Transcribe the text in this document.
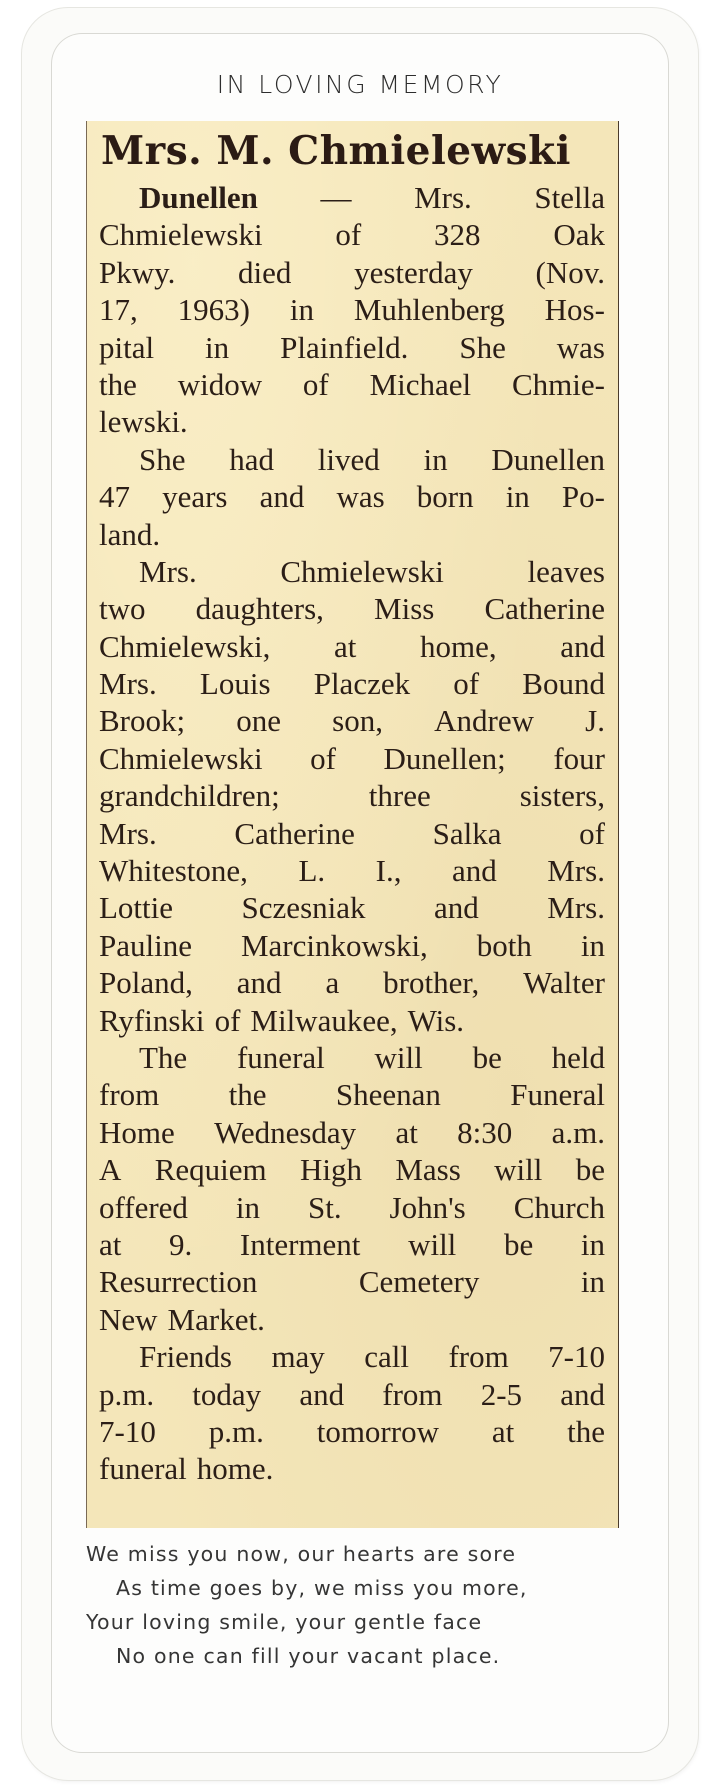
IN LOVING MEMORY
Mrs. M. Chmielewski
Dunellen — Mrs. Stella
Chmielewski of 328 Oak
Pkwy. died yesterday (Nov.
17, 1963) in Muhlenberg Hos-
pital in Plainfield. She was
the widow of Michael Chmie-
lewski.
She had lived in Dunellen
47 years and was born in Po-
land.
Mrs.	Chmielewski	leaves
two daughters, Miss Catherine
Chmielewski, at home, and
Mrs. Louis Placzek of Bound
Brook; one son, Andrew J.
Chmielewski of Dunellen; four
grandchildren;	three	sisters,
Mrs.	Catherine	Salka	of
Whitestone, L. I., and Mrs.
Lottie Sczesniak and Mrs.
Pauline Marcinkowski, both in
Poland, and a brother, Walter
Ryfinski of Milwaukee, Wis.
The funeral will be held
from the Sheenan Funeral
Home Wednesday at 8:30 a.m.
A Requiem High Mass will be
offered in St. John's Church
at 9. Interment will be in
Resurrection	Cemetery	in
New Market.
Friends may call from 7-10
p.m. today and from 2-5 and
7-10 p.m. tomorrow at the
funeral home.
We miss you now, our hearts are sore
As time goes by, we miss you more,
Your loving smile, your gentle face
No one can fill your vacant place.
